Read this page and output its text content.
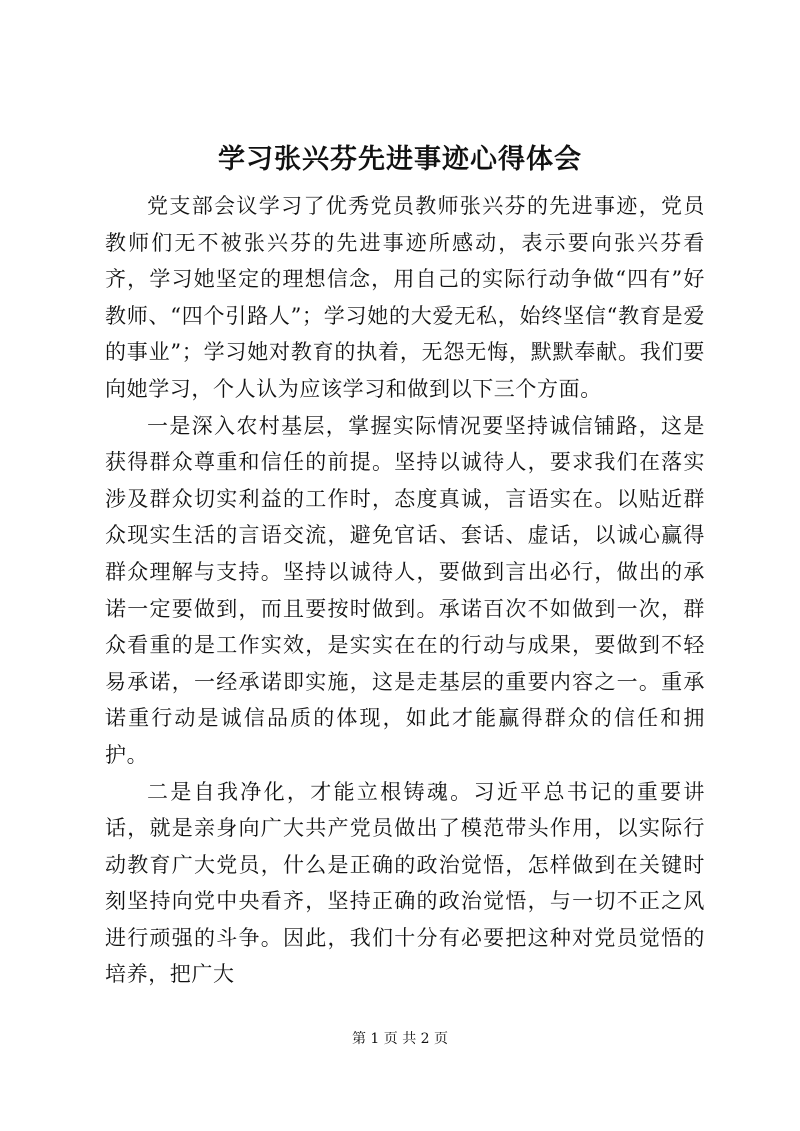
学习张兴芬先进事迹心得体会

党支部会议学习了优秀党员教师张兴芬的先进事迹，党员教师们无不被张兴芬的先进事迹所感动，表示要向张兴芬看齐，学习她坚定的理想信念，用自己的实际行动争做“四有”好教师、“四个引路人”；学习她的大爱无私，始终坚信“教育是爱的事业”；学习她对教育的执着，无怨无悔，默默奉献。我们要向她学习，个人认为应该学习和做到以下三个方面。

一是深入农村基层，掌握实际情况要坚持诚信铺路，这是获得群众尊重和信任的前提。坚持以诚待人，要求我们在落实涉及群众切实利益的工作时，态度真诚，言语实在。以贴近群众现实生活的言语交流，避免官话、套话、虚话，以诚心赢得群众理解与支持。坚持以诚待人，要做到言出必行，做出的承诺一定要做到，而且要按时做到。承诺百次不如做到一次，群众看重的是工作实效，是实实在在的行动与成果，要做到不轻易承诺，一经承诺即实施，这是走基层的重要内容之一。重承诺重行动是诚信品质的体现，如此才能赢得群众的信任和拥护。

二是自我净化，才能立根铸魂。习近平总书记的重要讲话，就是亲身向广大共产党员做出了模范带头作用，以实际行动教育广大党员，什么是正确的政治觉悟，怎样做到在关键时刻坚持向党中央看齐，坚持正确的政治觉悟，与一切不正之风进行顽强的斗争。因此，我们十分有必要把这种对党员觉悟的培养，把广大

第 1 页 共 2 页
